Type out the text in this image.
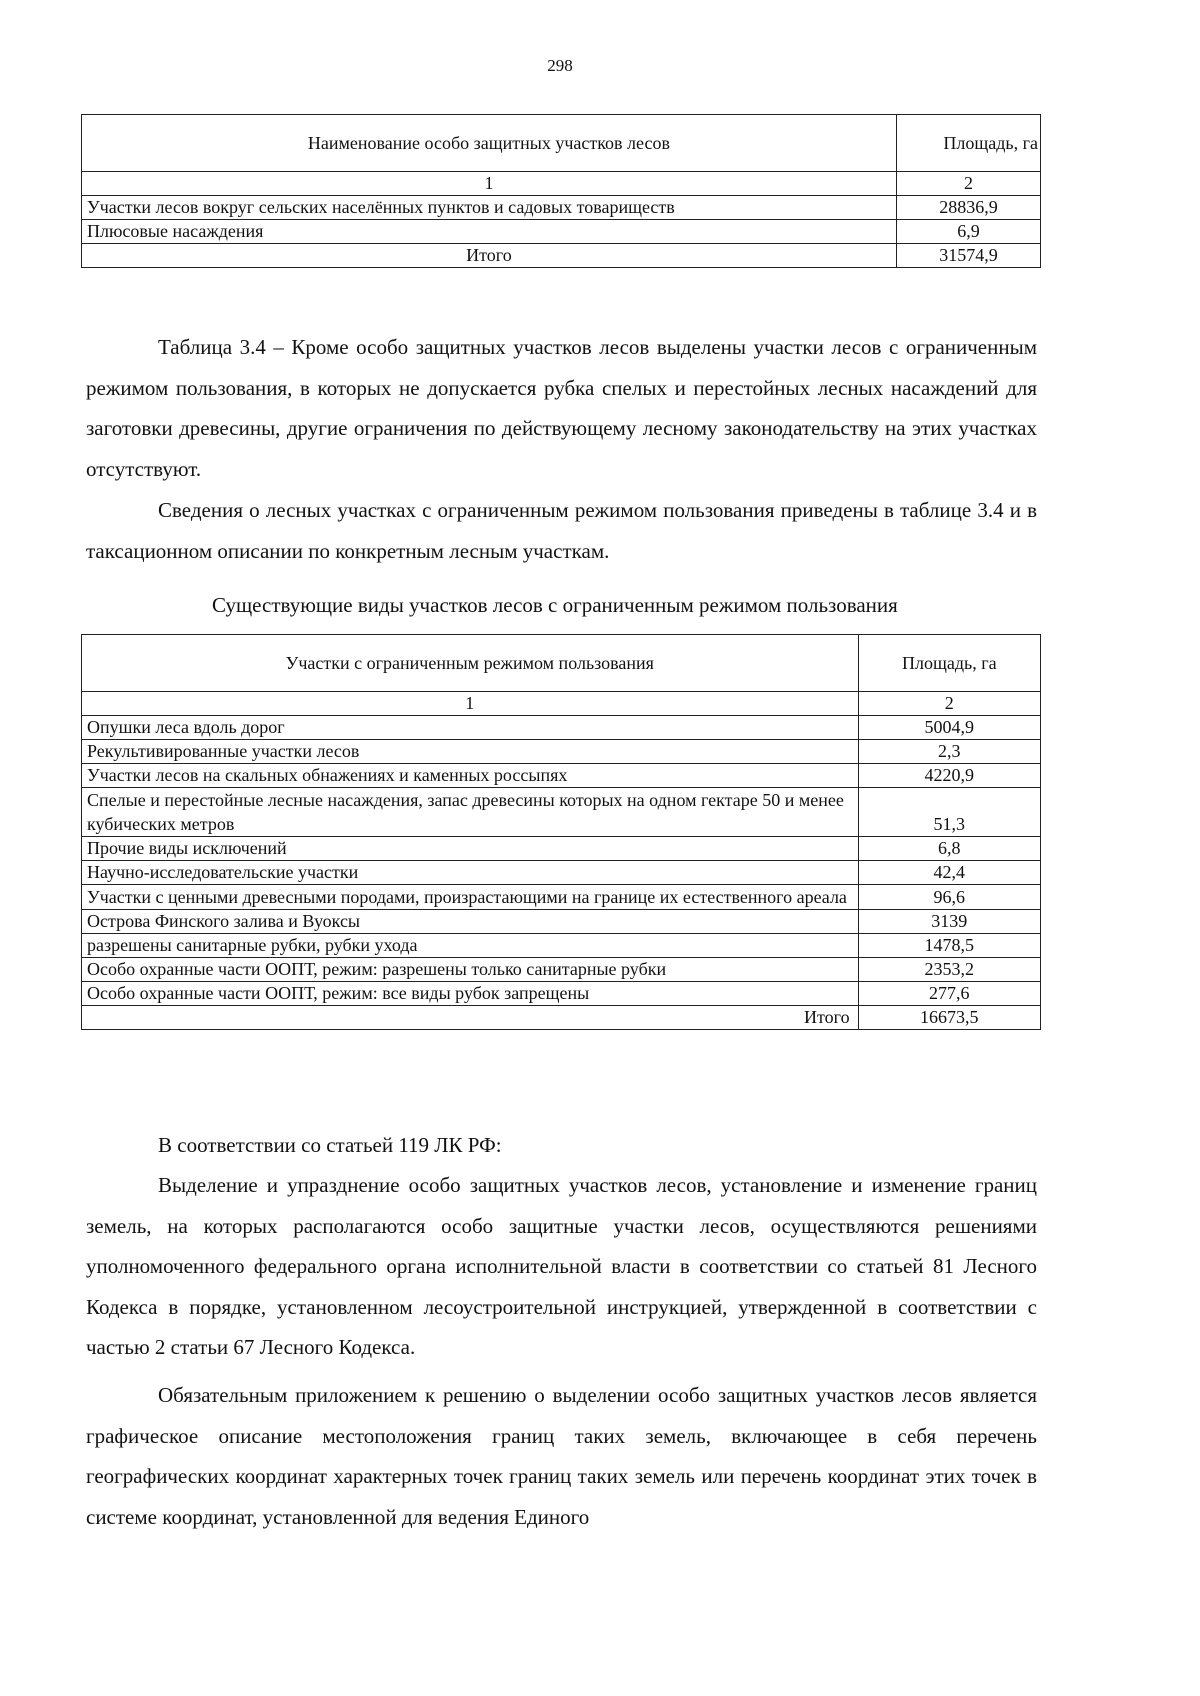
298
Наименование особо защитных участков лесов	Площадь, га
1	2
Участки лесов вокруг сельских населённых пунктов и садовых товариществ	28836,9
Плюсовые насаждения	6,9
Итого	31574,9

Таблица 3.4 – Кроме особо защитных участков лесов выделены участки лесов с ограниченным режимом пользования, в которых не допускается рубка спелых и перестойных лесных насаждений для заготовки древесины, другие ограничения по действующему лесному законодательству на этих участках отсутствуют.

Сведения о лесных участках с ограниченным режимом пользования приведены в таблице 3.4 и в таксационном описании по конкретным лесным участкам.

Существующие виды участков лесов с ограниченным режимом пользования

Участки с ограниченным режимом пользования	Площадь, га
1	2
Опушки леса вдоль дорог	5004,9
Рекультивированные участки лесов	2,3
Участки лесов на скальных обнажениях и каменных россыпях	4220,9
Спелые и перестойные лесные насаждения, запас древесины которых на одном гектаре 50 и менее кубических метров	51,3
Прочие виды исключений	6,8
Научно-исследовательские участки	42,4
Участки с ценными древесными породами, произрастающими на границе их естественного ареала	96,6
Острова Финского залива и Вуоксы	3139
разрешены санитарные рубки, рубки ухода	1478,5
Особо охранные части ООПТ, режим: разрешены только санитарные рубки	2353,2
Особо охранные части ООПТ, режим: все виды рубок запрещены	277,6
Итого	16673,5

В соответствии со статьей 119 ЛК РФ:

Выделение и упразднение особо защитных участков лесов, установление и изменение границ земель, на которых располагаются особо защитные участки лесов, осуществляются решениями уполномоченного федерального органа исполнительной власти в соответствии со статьей 81 Лесного Кодекса в порядке, установленном лесоустроительной инструкцией, утвержденной в соответствии с частью 2 статьи 67 Лесного Кодекса.

Обязательным приложением к решению о выделении особо защитных участков лесов является графическое описание местоположения границ таких земель, включающее в себя перечень географических координат характерных точек границ таких земель или перечень координат этих точек в системе координат, установленной для ведения Единого
